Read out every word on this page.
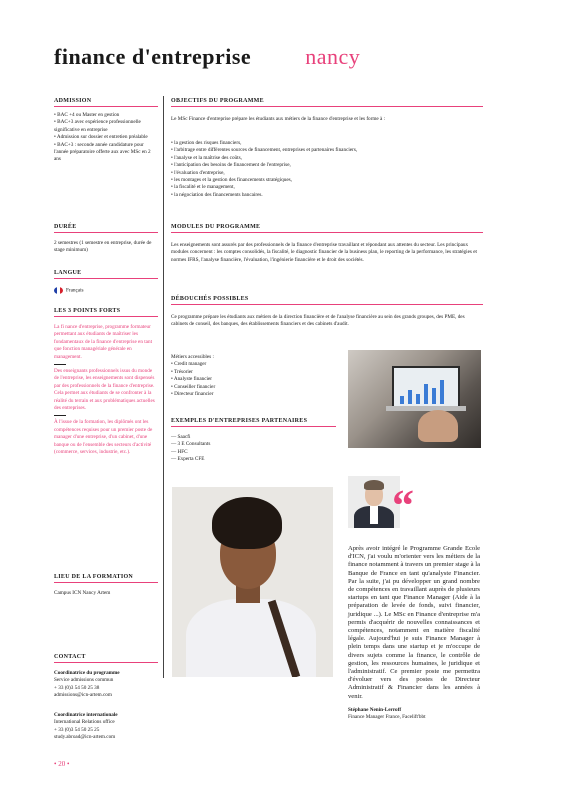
finance d'entreprise nancy
ADMISSION
• BAC +4 ou Master en gestion
• BAC+3 avec expérience professionnelle significative en entreprise
• Admission sur dossier et entretien préalable
• BAC+3 : seconde année candidature pour l'année préparatoire offerte aux avec MSc en 2 ans
DURÉE
2 semestres (1 semestre en entreprise, durée de stage minimum)
LANGUE
Français
LES 3 POINTS FORTS
La fi nance d'entreprise, programme formateur permettant aux étudiants de maîtriser les fondamentaux de la finance d'entreprise en tant que fonction managériale générale en management.
Des enseignants professionnels issus du monde de l'entreprise, les enseignements sont dispensés par des professionnels de la finance d'entreprise. Cela permet aux étudiants de se confronter à la réalité du terrain et aux problématiques actuelles des entreprises.
À l'issue de la formation, les diplômés ont les compétences requises pour un premier poste de manager d'une entreprise, d'un cabinet, d'une banque ou de l'ensemble des secteurs d'activité (commerce, services, industrie, etc.).
LIEU DE LA FORMATION
Campus ICN Nancy Artem
CONTACT
Coordinatrice du programme
Service admissions commun
+ 33 (0)3 54 50 25 38
admissions@icn-artem.com
Coordinatrice internationale
International Relations office
+ 33 (0)3 54 50 25 25
study.abroad@icn-artem.com
• 20 •
OBJECTIFS DU PROGRAMME
Le MSc Finance d'entreprise prépare les étudiants aux métiers de la finance d'entreprise et les forme à :
• la gestion des risques financiers,
• l'arbitrage entre différentes sources de financement, entreprises et partenaires financiers,
• l'analyse et la maîtrise des coûts,
• l'anticipation des besoins de financement de l'entreprise,
• l'évaluation d'entreprise,
• les montages et la gestion des financements stratégiques,
• la fiscalité et le management,
• la négociation des financements bancaires.
MODULES DU PROGRAMME
Les enseignements sont assurés par des professionnels de la finance d'entreprise travaillant et répondant aux attentes du secteur. Les principaux modules concernent : les comptes consolidés, la fiscalité, le diagnostic financier de la business plan, le reporting de la performance, les stratégies et normes IFRS, l'analyse financière, l'évaluation, l'ingénierie financière et le droit des sociétés.
DÉBOUCHÉS POSSIBLES
Ce programme prépare les étudiants aux métiers de la direction financière et de l'analyse financière au sein des grands groupes, des PME, des cabinets de conseil, des banques, des établissements financiers et des cabinets d'audit.
Métiers accessibles :
• Credit manager
• Trésorier
• Analyste financier
• Conseiller financier
• Directeur financier
EXEMPLES D'ENTREPRISES PARTENAIRES
— Saacfi
— 3 E Consultants
— HFC
— Experta CFE
“
Après avoir intégré le Programme Grande Ecole d'ICN, j'ai voulu m'orienter vers les métiers de la finance notamment à travers un premier stage à la Banque de France en tant qu'analyste Financier. Par la suite, j'ai pu développer un grand nombre de compétences en travaillant auprès de plusieurs startups en tant que Finance Manager (Aide à la préparation de levée de fonds, suivi financier, juridique ...). Le MSc en Finance d'entreprise m'a permis d'acquérir de nouvelles connaissances et compétences, notamment en matière fiscalité légale. Aujourd'hui je suis Finance Manager à plein temps dans une startup et je m'occupe de divers sujets comme la finance, le contrôle de gestion, les ressources humaines, le juridique et l'administratif. Ce premier poste me permettra d'évoluer vers des postes de Directeur Administratif & Financier dans les années à venir.
Stéphane Nenin-Lerroff
Finance Manager France, Facelift'bbt
